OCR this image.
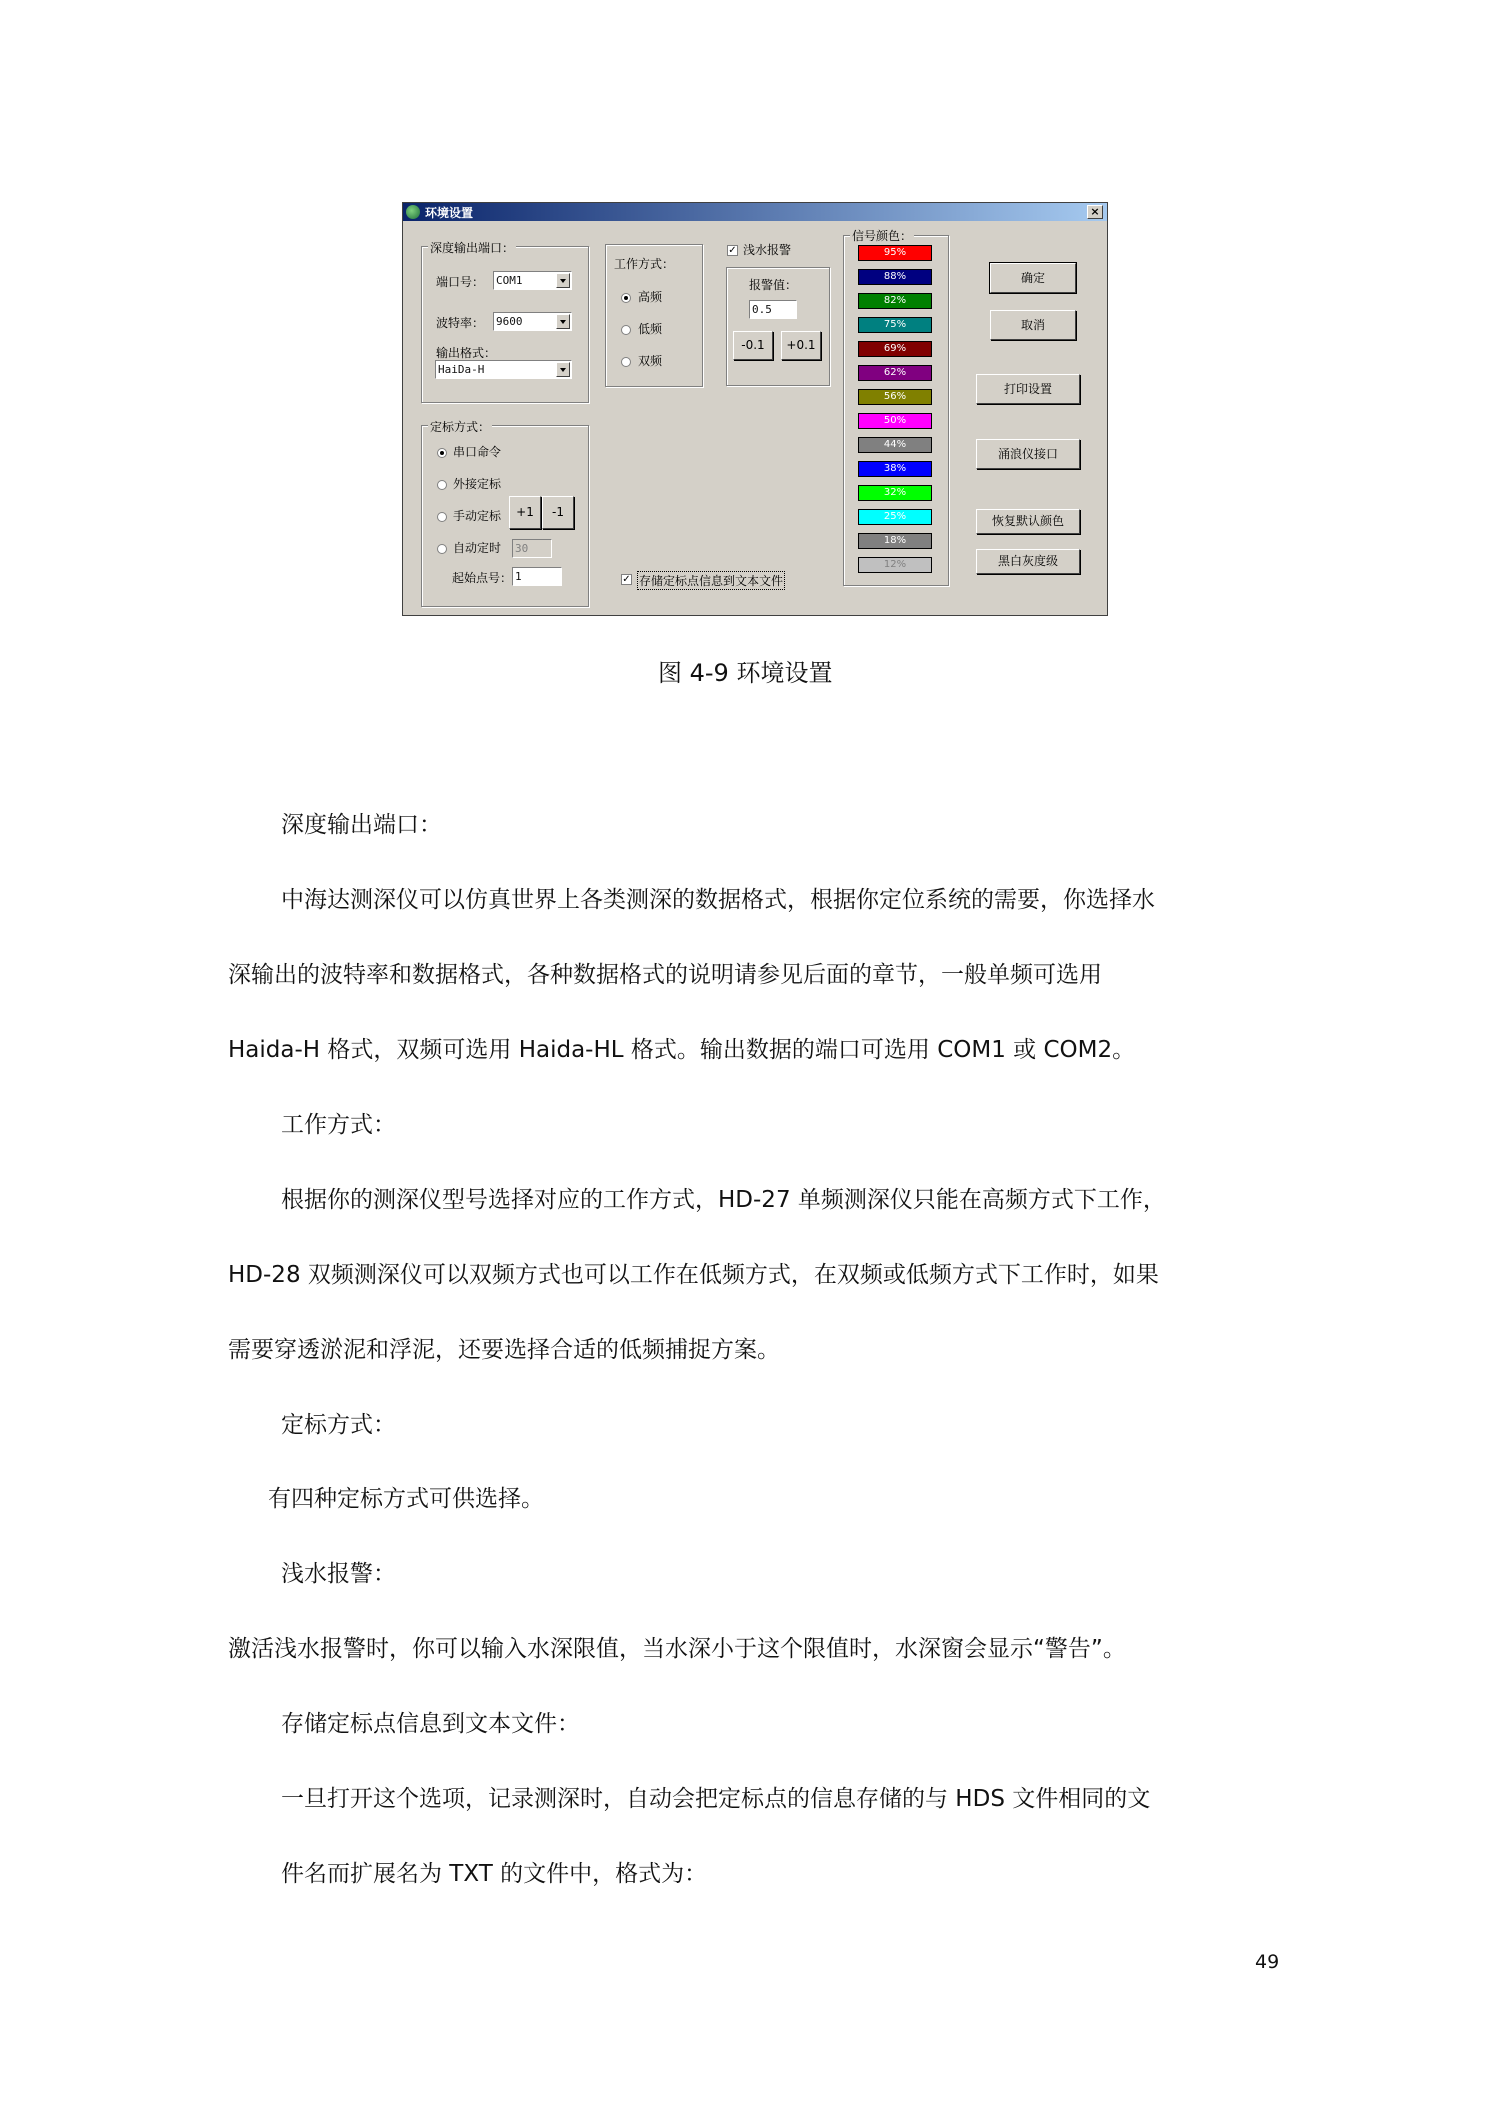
环境设置	×
深度输出端口：
端口号： COM1
波特率： 9600
输出格式：
HaiDa-H
工作方式：
高频
低频
双频
✓ 浅水报警
报警值：
0.5
-0.1	+0.1
信号颜色：
95%
88%
82%
75%
69%
62%
56%
50%
44%
38%
32%
25%
18%
12%
定标方式：
串口命令
外接定标
手动定标	+1	-1
自动定时 30
起始点号： 1	✓ 存储定标点信息到文本文件
确定
取消
打印设置
涌浪仪接口
恢复默认颜色
黑白灰度级
图 4-9 环境设置
深度输出端口：
中海达测深仪可以仿真世界上各类测深的数据格式，根据你定位系统的需要，你选择水
深输出的波特率和数据格式，各种数据格式的说明请参见后面的章节，一般单频可选用
Haida-H 格式，双频可选用 Haida-HL 格式。输出数据的端口可选用 COM1 或 COM2。
工作方式：
根据你的测深仪型号选择对应的工作方式，HD-27 单频测深仪只能在高频方式下工作，
HD-28 双频测深仪可以双频方式也可以工作在低频方式，在双频或低频方式下工作时，如果
需要穿透淤泥和浮泥，还要选择合适的低频捕捉方案。
定标方式：
有四种定标方式可供选择。
浅水报警：
激活浅水报警时，你可以输入水深限值，当水深小于这个限值时，水深窗会显示“警告”。
存储定标点信息到文本文件：
一旦打开这个选项，记录测深时，自动会把定标点的信息存储的与 HDS 文件相同的文
件名而扩展名为 TXT 的文件中，格式为：
49
